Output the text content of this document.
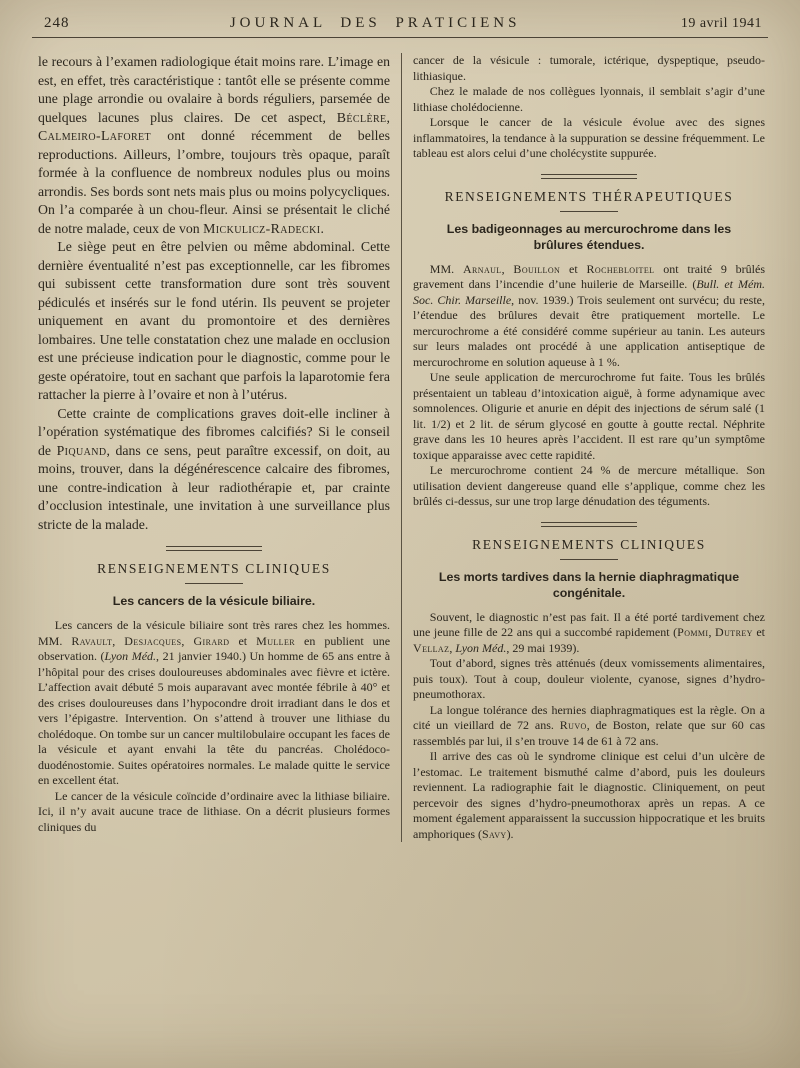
248	JOURNAL DES PRATICIENS	19 avril 1941

le recours à l’examen radiologique était moins rare. L’image en est, en effet, très caractéristique : tantôt elle se présente comme une plage arrondie ou ovalaire à bords réguliers, parsemée de quelques lacunes plus claires. De cet aspect, Béclère, Calmeiro-Laforet ont donné récemment de belles reproductions. Ailleurs, l’ombre, toujours très opaque, paraît formée à la confluence de nombreux nodules plus ou moins arrondis. Ses bords sont nets mais plus ou moins polycycliques. On l’a comparée à un chou-fleur. Ainsi se présentait le cliché de notre malade, ceux de von Mickulicz-Radecki.

Le siège peut en être pelvien ou même abdominal. Cette dernière éventualité n’est pas exceptionnelle, car les fibromes qui subissent cette transformation dure sont très souvent pédiculés et insérés sur le fond utérin. Ils peuvent se projeter uniquement en avant du promontoire et des dernières lombaires. Une telle constatation chez une malade en occlusion est une précieuse indication pour le diagnostic, comme pour le geste opératoire, tout en sachant que parfois la laparotomie fera rattacher la pierre à l’ovaire et non à l’utérus.

Cette crainte de complications graves doit-elle incliner à l’opération systématique des fibromes calcifiés? Si le conseil de Piquand, dans ce sens, peut paraître excessif, on doit, au moins, trouver, dans la dégénérescence calcaire des fibromes, une contre-indication à leur radiothérapie et, par crainte d’occlusion intestinale, une invitation à une surveillance plus stricte de la malade.

RENSEIGNEMENTS CLINIQUES
Les cancers de la vésicule biliaire.

Les cancers de la vésicule biliaire sont très rares chez les hommes. MM. Ravault, Desjacques, Girard et Muller en publient une observation. (Lyon Méd., 21 janvier 1940.) Un homme de 65 ans entre à l’hôpital pour des crises douloureuses abdominales avec fièvre et ictère. L’affection avait débuté 5 mois auparavant avec montée fébrile à 40° et des crises douloureuses dans l’hypocondre droit irradiant dans le dos et vers l’épigastre. Intervention. On s’attend à trouver une lithiase du cholédoque. On tombe sur un cancer multilobulaire occupant les faces de la vésicule et ayant envahi la tête du pancréas. Cholédoco-duodénostomie. Suites opératoires normales. Le malade quitte le service en excellent état.

Le cancer de la vésicule coïncide d’ordinaire avec la lithiase biliaire. Ici, il n’y avait aucune trace de lithiase. On a décrit plusieurs formes cliniques du

cancer de la vésicule : tumorale, ictérique, dyspeptique, pseudo-lithiasique.

Chez le malade de nos collègues lyonnais, il semblait s’agir d’une lithiase cholédocienne.

Lorsque le cancer de la vésicule évolue avec des signes inflammatoires, la tendance à la suppuration se dessine fréquemment. Le tableau est alors celui d’une cholécystite suppurée.

RENSEIGNEMENTS THÉRAPEUTIQUES
Les badigeonnages au mercurochrome dans les brûlures étendues.

MM. Arnaul, Bouillon et Rochebloitel ont traité 9 brûlés gravement dans l’incendie d’une huilerie de Marseille. (Bull. et Mém. Soc. Chir. Marseille, nov. 1939.) Trois seulement ont survécu; du reste, l’étendue des brûlures devait être pratiquement mortelle. Le mercurochrome a été considéré comme supérieur au tanin. Les auteurs sur leurs malades ont procédé à une application antiseptique de mercurochrome en solution aqueuse à 1 %.

Une seule application de mercurochrome fut faite. Tous les brûlés présentaient un tableau d’intoxication aiguë, à forme adynamique avec somnolences. Oligurie et anurie en dépit des injections de sérum salé (1 lit. 1/2) et 2 lit. de sérum glycosé en goutte à goutte rectal. Néphrite grave dans les 10 heures après l’accident. Il est rare qu’un symptôme toxique apparaisse avec cette rapidité.

Le mercurochrome contient 24 % de mercure métallique. Son utilisation devient dangereuse quand elle s’applique, comme chez les brûlés ci-dessus, sur une trop large dénudation des téguments.

RENSEIGNEMENTS CLINIQUES
Les morts tardives dans la hernie diaphragmatique congénitale.

Souvent, le diagnostic n’est pas fait. Il a été porté tardivement chez une jeune fille de 22 ans qui a succombé rapidement (Pommi, Dutrey et Vellaz, Lyon Méd., 29 mai 1939).

Tout d’abord, signes très atténués (deux vomissements alimentaires, puis toux). Tout à coup, douleur violente, cyanose, signes d’hydro-pneumothorax.

La longue tolérance des hernies diaphragmatiques est la règle. On a cité un vieillard de 72 ans. Ruvo, de Boston, relate que sur 60 cas rassemblés par lui, il s’en trouve 14 de 61 à 72 ans.

Il arrive des cas où le syndrome clinique est celui d’un ulcère de l’estomac. Le traitement bismuthé calme d’abord, puis les douleurs reviennent. La radiographie fait le diagnostic. Cliniquement, on peut percevoir des signes d’hydro-pneumothorax après un repas. A ce moment également apparaissent la succussion hippocratique et les bruits amphoriques (Savy).
